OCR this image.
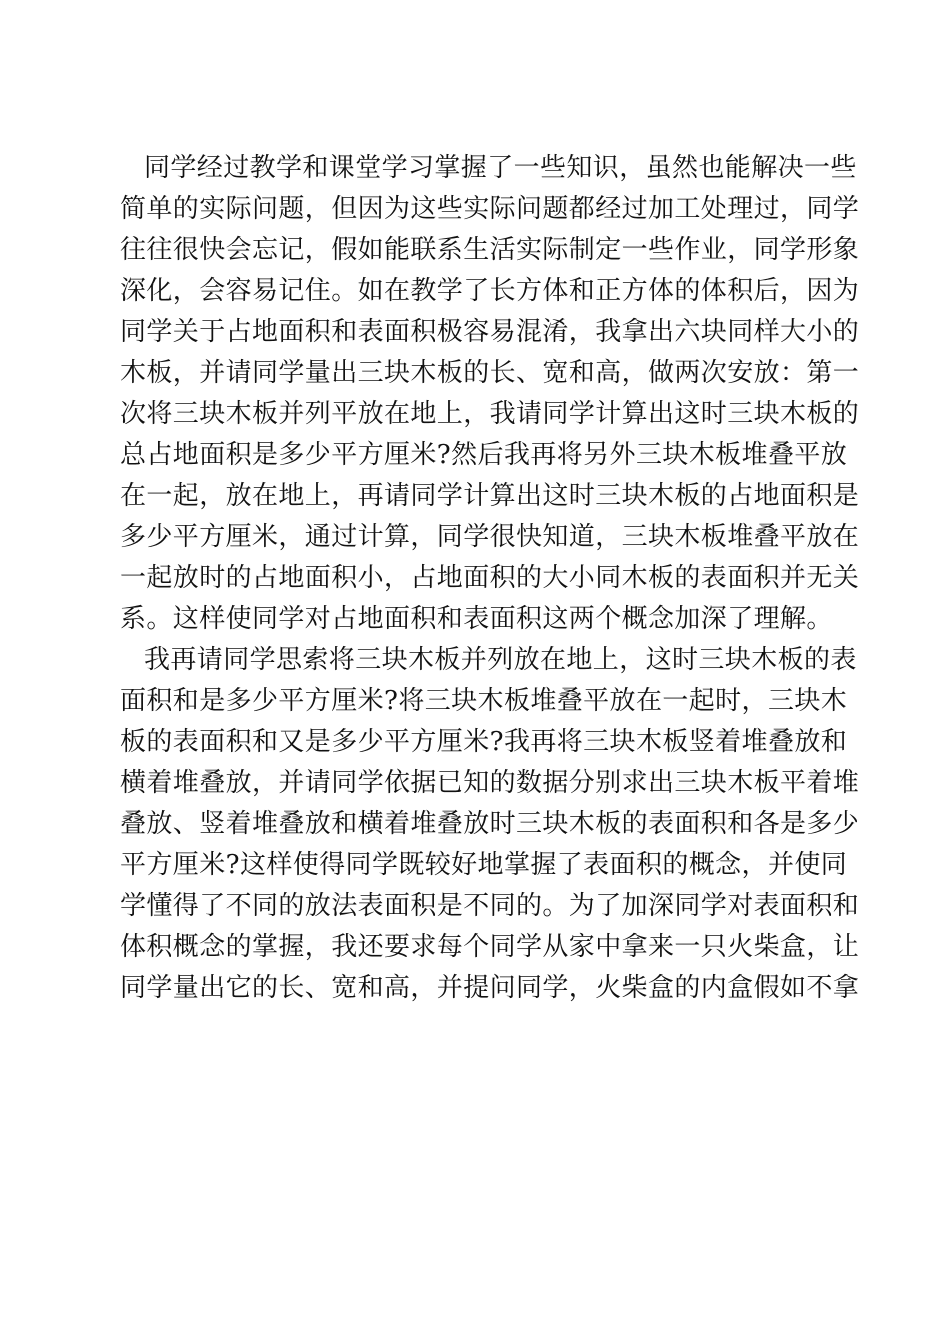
同学经过教学和课堂学习掌握了一些知识，虽然也能解决一些
简单的实际问题，但因为这些实际问题都经过加工处理过，同学
往往很快会忘记，假如能联系生活实际制定一些作业，同学形象
深化，会容易记住。如在教学了长方体和正方体的体积后，因为
同学关于占地面积和表面积极容易混淆，我拿出六块同样大小的
木板，并请同学量出三块木板的长、宽和高，做两次安放：第一
次将三块木板并列平放在地上，我请同学计算出这时三块木板的
总占地面积是多少平方厘米?然后我再将另外三块木板堆叠平放
在一起，放在地上，再请同学计算出这时三块木板的占地面积是
多少平方厘米，通过计算，同学很快知道，三块木板堆叠平放在
一起放时的占地面积小，占地面积的大小同木板的表面积并无关
系。这样使同学对占地面积和表面积这两个概念加深了理解。
我再请同学思索将三块木板并列放在地上，这时三块木板的表
面积和是多少平方厘米?将三块木板堆叠平放在一起时，三块木
板的表面积和又是多少平方厘米?我再将三块木板竖着堆叠放和
横着堆叠放，并请同学依据已知的数据分别求出三块木板平着堆
叠放、竖着堆叠放和横着堆叠放时三块木板的表面积和各是多少
平方厘米?这样使得同学既较好地掌握了表面积的概念，并使同
学懂得了不同的放法表面积是不同的。为了加深同学对表面积和
体积概念的掌握，我还要求每个同学从家中拿来一只火柴盒，让
同学量出它的长、宽和高，并提问同学，火柴盒的内盒假如不拿
